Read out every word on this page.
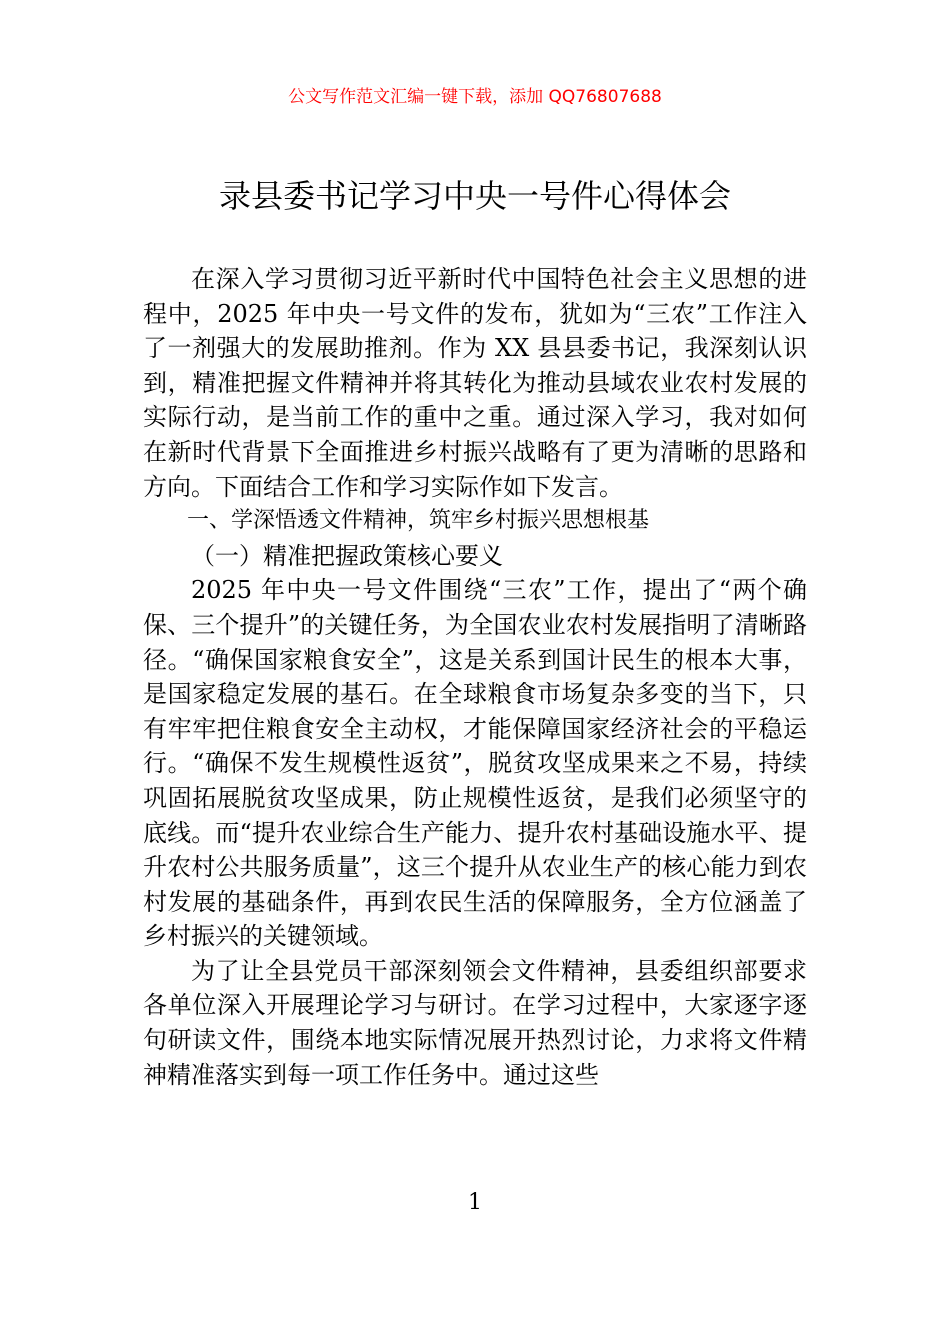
公文写作范文汇编一键下载，添加 QQ76807688
录县委书记学习中央一号件心得体会

在深入学习贯彻习近平新时代中国特色社会主义思想的进程中，2025 年中央一号文件的发布，犹如为“三农”工作注入了一剂强大的发展助推剂。作为 XX 县县委书记，我深刻认识到，精准把握文件精神并将其转化为推动县域农业农村发展的实际行动，是当前工作的重中之重。通过深入学习，我对如何在新时代背景下全面推进乡村振兴战略有了更为清晰的思路和方向。下面结合工作和学习实际作如下发言。

一、学深悟透文件精神，筑牢乡村振兴思想根基

（一）精准把握政策核心要义

2025 年中央一号文件围绕“三农”工作，提出了“两个确保、三个提升”的关键任务，为全国农业农村发展指明了清晰路径。“确保国家粮食安全”，这是关系到国计民生的根本大事，是国家稳定发展的基石。在全球粮食市场复杂多变的当下，只有牢牢把住粮食安全主动权，才能保障国家经济社会的平稳运行。“确保不发生规模性返贫”，脱贫攻坚成果来之不易，持续巩固拓展脱贫攻坚成果，防止规模性返贫，是我们必须坚守的底线。而“提升农业综合生产能力、提升农村基础设施水平、提升农村公共服务质量”，这三个提升从农业生产的核心能力到农村发展的基础条件，再到农民生活的保障服务，全方位涵盖了乡村振兴的关键领域。

为了让全县党员干部深刻领会文件精神，县委组织部要求各单位深入开展理论学习与研讨。在学习过程中，大家逐字逐句研读文件，围绕本地实际情况展开热烈讨论，力求将文件精神精准落实到每一项工作任务中。通过这些

1
